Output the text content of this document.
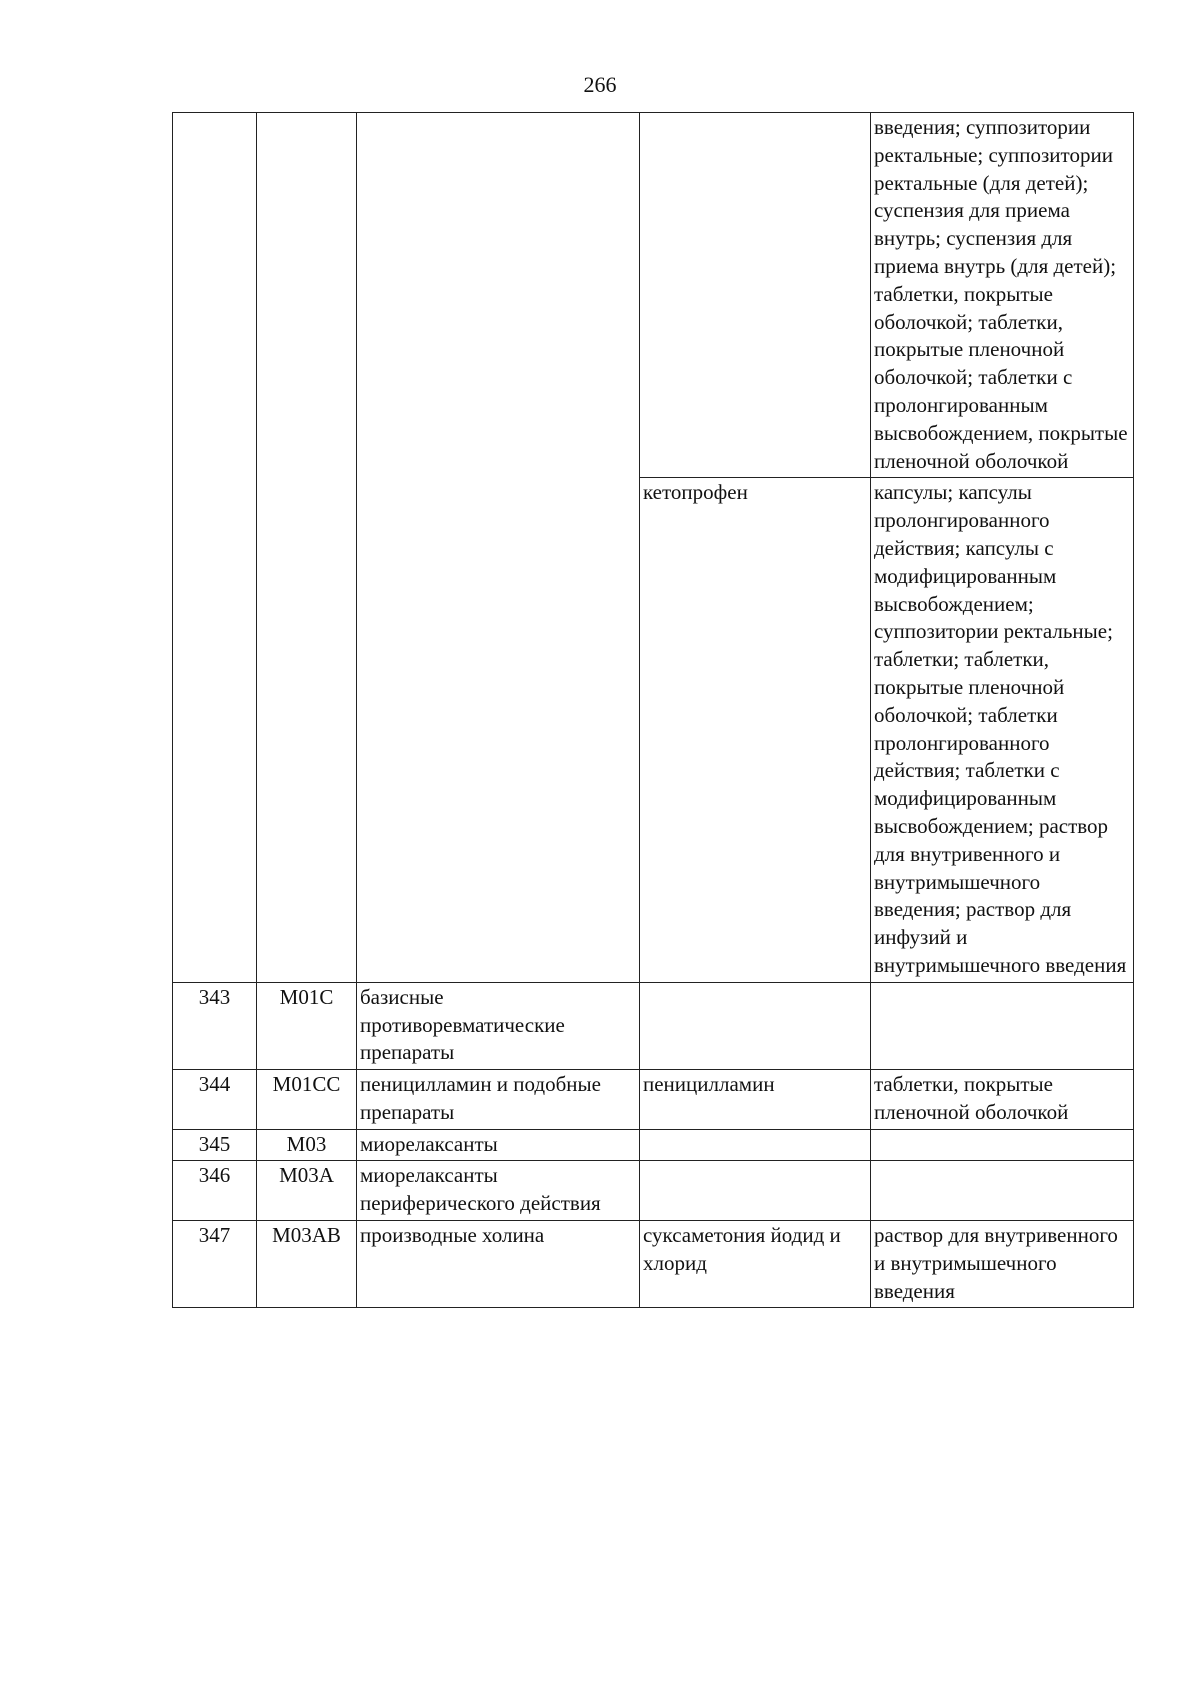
266
				введения; суппозитории ректальные; суппозитории ректальные (для детей); суспензия для приема внутрь; суспензия для приема внутрь (для детей); таблетки, покрытые оболочкой; таблетки, покрытые пленочной оболочкой; таблетки с пролонгированным высвобождением, покрытые пленочной оболочкой
			кетопрофен	капсулы; капсулы пролонгированного действия; капсулы с модифицированным высвобождением; суппозитории ректальные; таблетки; таблетки, покрытые пленочной оболочкой; таблетки пролонгированного действия; таблетки с модифицированным высвобождением; раствор для внутривенного и внутримышечного введения; раствор для инфузий и внутримышечного введения
343	M01C	базисные противоревматические препараты		
344	M01CC	пеницилламин и подобные препараты	пеницилламин	таблетки, покрытые пленочной оболочкой
345	M03	миорелаксанты		
346	M03A	миорелаксанты периферического действия		
347	M03AB	производные холина	суксаметония йодид и хлорид	раствор для внутривенного и внутримышечного введения
